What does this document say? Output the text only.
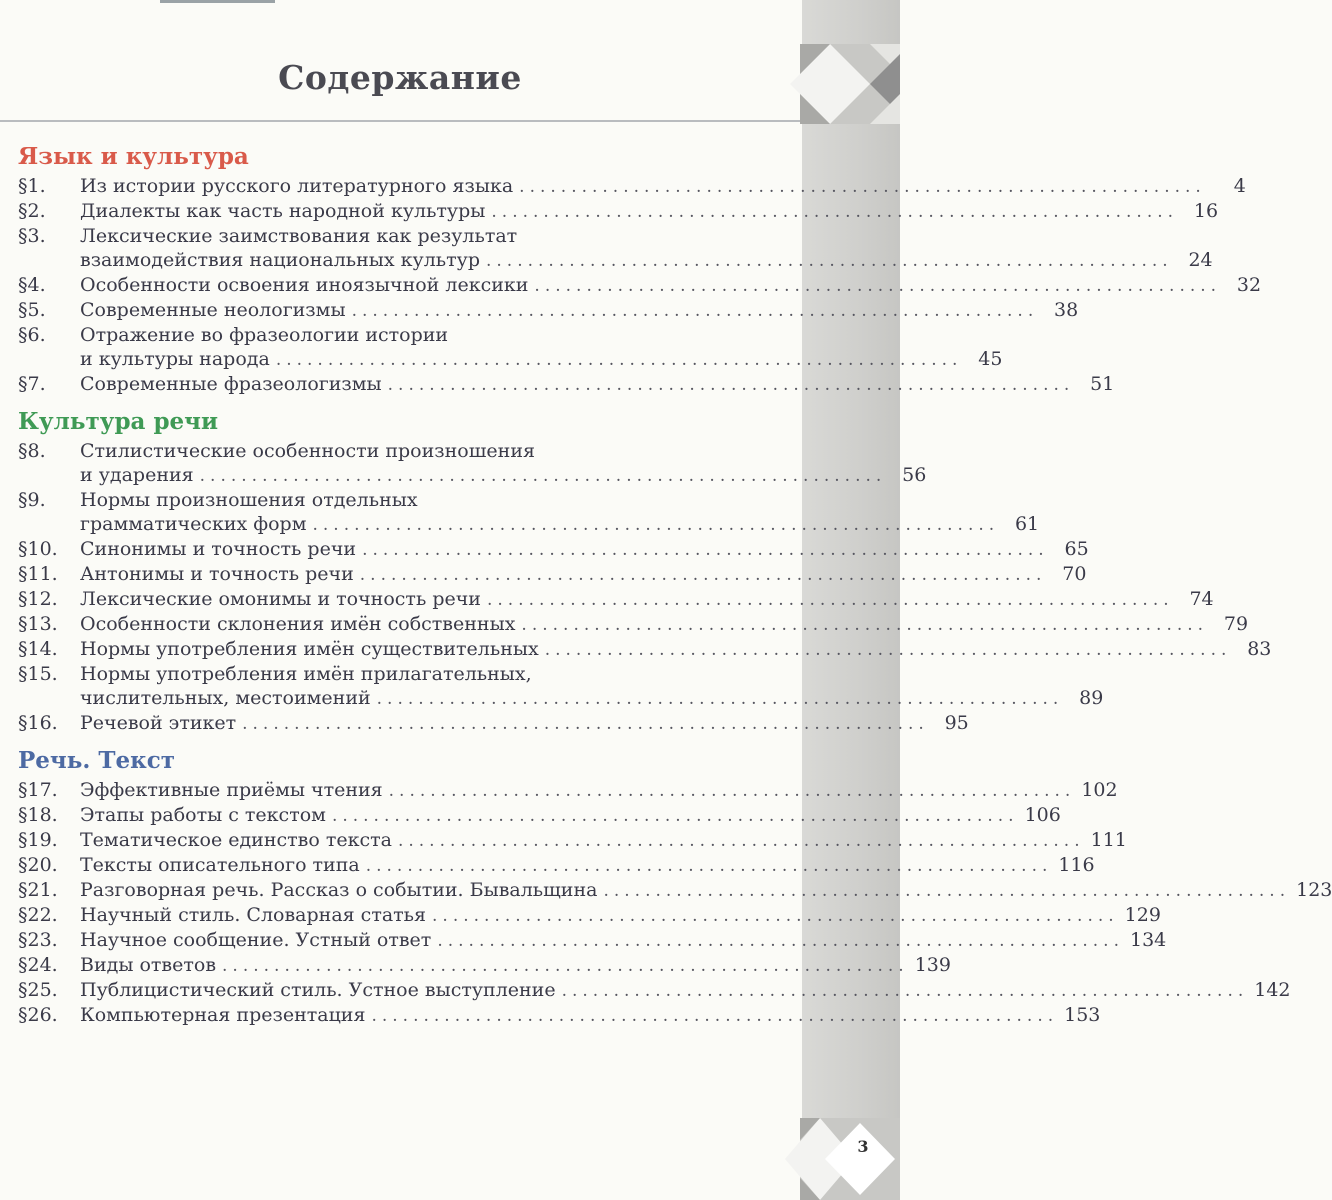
3
Содержание
Язык и культура
§1.	Из истории русского литературного языка ..................................................................	4
§2.	Диалекты как часть народной культуры .................................................................. 16
§3.	Лексические заимствования как результат
взаимодействия национальных культур .................................................................. 24
§4.	Особенности освоения иноязычной лексики .................................................................. 32
§5.	Современные неологизмы .................................................................. 38
§6.	Отражение во фразеологии истории
и культуры народа .................................................................. 45
§7.	Современные фразеологизмы .................................................................. 51
Культура речи
§8.	Стилистические особенности произношения
и ударения .................................................................. 56
§9.	Нормы произношения отдельных
грамматических форм .................................................................. 61
§10.	Синонимы и точность речи .................................................................. 65
§11.	Антонимы и точность речи .................................................................. 70
§12.	Лексические омонимы и точность речи .................................................................. 74
§13.	Особенности склонения имён собственных .................................................................. 79
§14.	Нормы употребления имён существительных .................................................................. 83
§15.	Нормы употребления имён прилагательных,
числительных, местоимений .................................................................. 89
§16.	Речевой этикет .................................................................. 95
Речь. Текст
§17.	Эффективные приёмы чтения .................................................................. 102
§18.	Этапы работы с текстом .................................................................. 106
§19.	Тематическое единство текста .................................................................. 111
§20.	Тексты описательного типа .................................................................. 116
§21.	Разговорная речь. Рассказ о событии. Бывальщина .................................................................. 123
§22.	Научный стиль. Словарная статья .................................................................. 129
§23.	Научное сообщение. Устный ответ .................................................................. 134
§24.	Виды ответов .................................................................. 139
§25.	Публицистический стиль. Устное выступление .................................................................. 142
§26.	Компьютерная презентация .................................................................. 153
